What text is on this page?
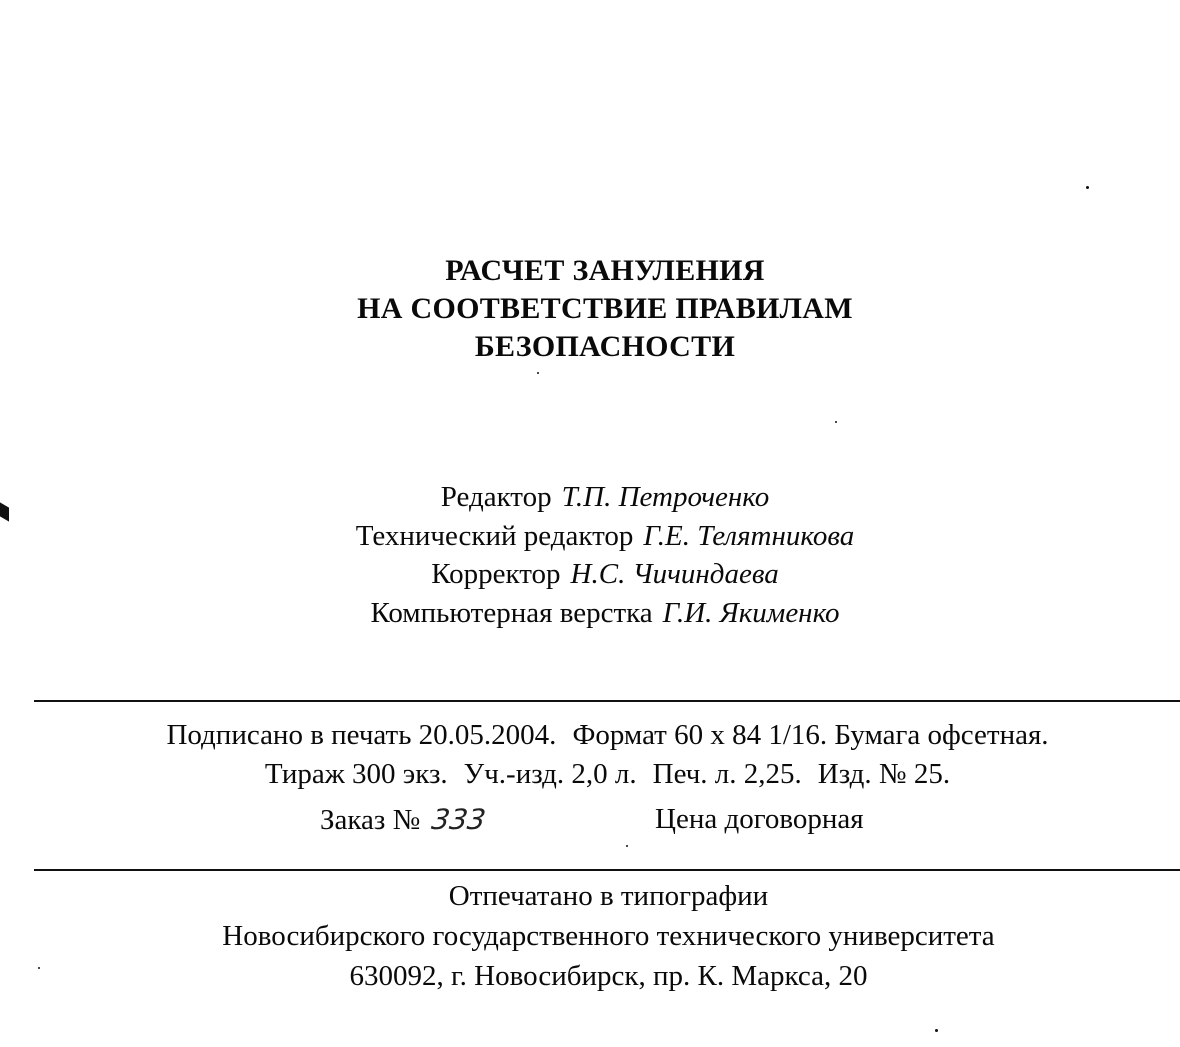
РАСЧЕТ ЗАНУЛЕНИЯ
НА СООТВЕТСТВИЕ ПРАВИЛАМ
БЕЗОПАСНОСТИ
Редактор Т.П. Петроченко
Технический редактор Г.Е. Телятникова
Корректор Н.С. Чичиндаева
Компьютерная верстка Г.И. Якименко
Подписано в печать 20.05.2004. Формат 60 x 84 1/16. Бумага офсетная.
Тираж 300 экз. Уч.-изд. 2,0 л. Печ. л. 2,25. Изд. № 25.
Заказ № 333	Цена договорная
Отпечатано в типографии
Новосибирского государственного технического университета
630092, г. Новосибирск, пр. К. Маркса, 20
